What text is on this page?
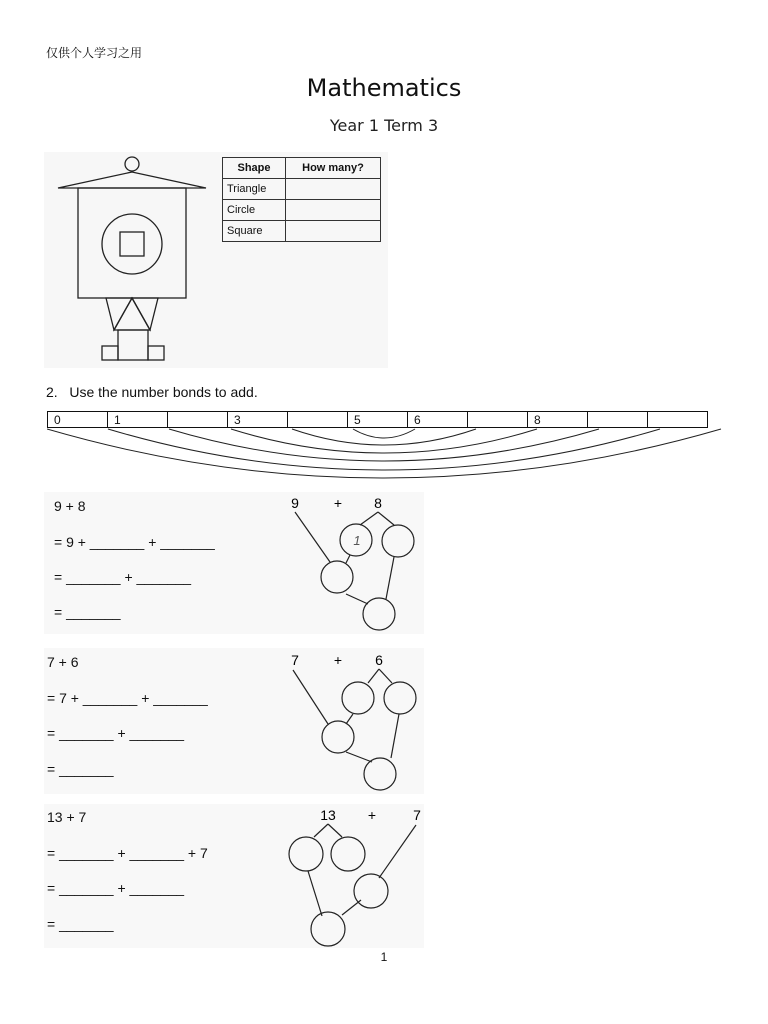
仅供个人学习之用
Mathematics
Year 1 Term 3
Shape	How many?
Triangle	
Circle	
Square	
2. Use the number bonds to add.
0	1		3		5	6		8		
9 + 8
= 9 + _______ + _______
= _______ + _______
= _______
9	+ 8
1
7 + 6
= 7 + _______ + _______
= _______ + _______
= _______
7	+ 6
13 + 7
= _______ + _______ + 7
= _______ + _______
= _______
13 +	7
1
